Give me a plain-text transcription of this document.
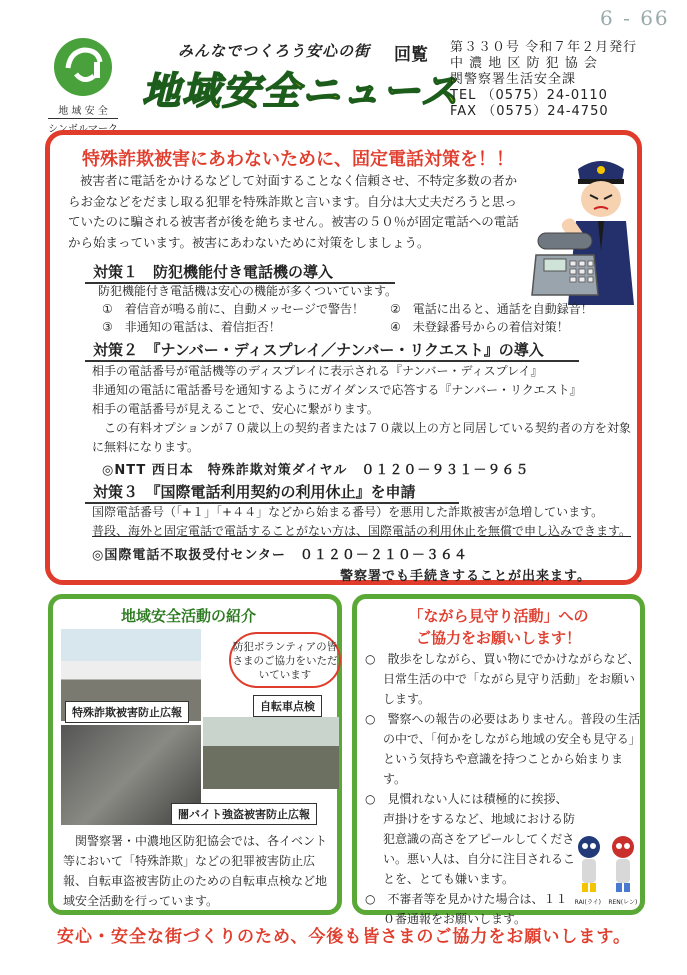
6 - 66
地 域 安 全
シンボルマーク
みんなでつくろう安心の街 回覧
地域安全ニュース
第３３０号 令和７年２月発行
中 濃 地 区 防 犯 協 会
関警察署生活安全課
TEL （0575）24-0110
FAX （0575）24-4750
特殊詐欺被害にあわないために、固定電話対策を！！
被害者に電話をかけるなどして対面することなく信頼させ、不特定多数の者からお金などをだまし取る犯罪を特殊詐欺と言います。自分は大丈夫だろうと思っていたのに騙される被害者が後を絶ちません。被害の５０％が固定電話への電話から始まっています。被害にあわないために対策をしましょう。
対策１　防犯機能付き電話機の導入
防犯機能付き電話機は安心の機能が多くついています。
①　着信音が鳴る前に、自動メッセージで警告！ ②　電話に出ると、通話を自動録音！
③　非通知の電話は、着信拒否！	④　未登録番号からの着信対策！
対策２　『ナンバー・ディスプレイ／ナンバー・リクエスト』の導入
相手の電話番号が電話機等のディスプレイに表示される『ナンバー・ディスプレイ』
非通知の電話に電話番号を通知するようにガイダンスで応答する『ナンバー・リクエスト』
相手の電話番号が見えることで、安心に繋がります。
この有料オプションが７０歳以上の契約者または７０歳以上の方と同居している契約者の方を対象
に無料になります。
◎NTT 西日本　特殊詐欺対策ダイヤル　０１２０－９３１－９６５
対策３　『国際電話利用契約の利用休止』を申請
国際電話番号（「+１」「+４４」などから始まる番号）を悪用した詐欺被害が急増しています。
普段、海外と固定電話で電話することがない方は、国際電話の利用休止を無償で申し込みできます。
◎国際電話不取扱受付センター　０１２０－２１０－３６４
警察署でも手続きすることが出来ます。
地域安全活動の紹介
防犯ボランティアの皆さまのご協力をいただいています
特殊詐欺被害防止広報	自転車点検
闇バイト強盗被害防止広報
関警察署・中濃地区防犯協会では、各イベント等において「特殊詐欺」などの犯罪被害防止広報、自転車盗被害防止のための自転車点検など地域安全活動を行っています。
「ながら見守り活動」への
ご協力をお願いします！
○　散歩をしながら、買い物にでかけながらなど、日常生活の中で「ながら見守り活動」をお願いします。
○　警察への報告の必要はありません。普段の生活の中で、「何かをしながら地域の安全も見守る」という気持ちや意識を持つことから始まります。
○　見慣れない人には積極的に挨拶、声掛けをするなど、地域における防犯意識の高さをアピールしてください。悪い人は、自分に注目されることを、とても嫌います。
○　不審者等を見かけた場合は、１１０番通報をお願いします。
RAI(ライ) REN(レン)
安心・安全な街づくりのため、今後も皆さまのご協力をお願いします。
